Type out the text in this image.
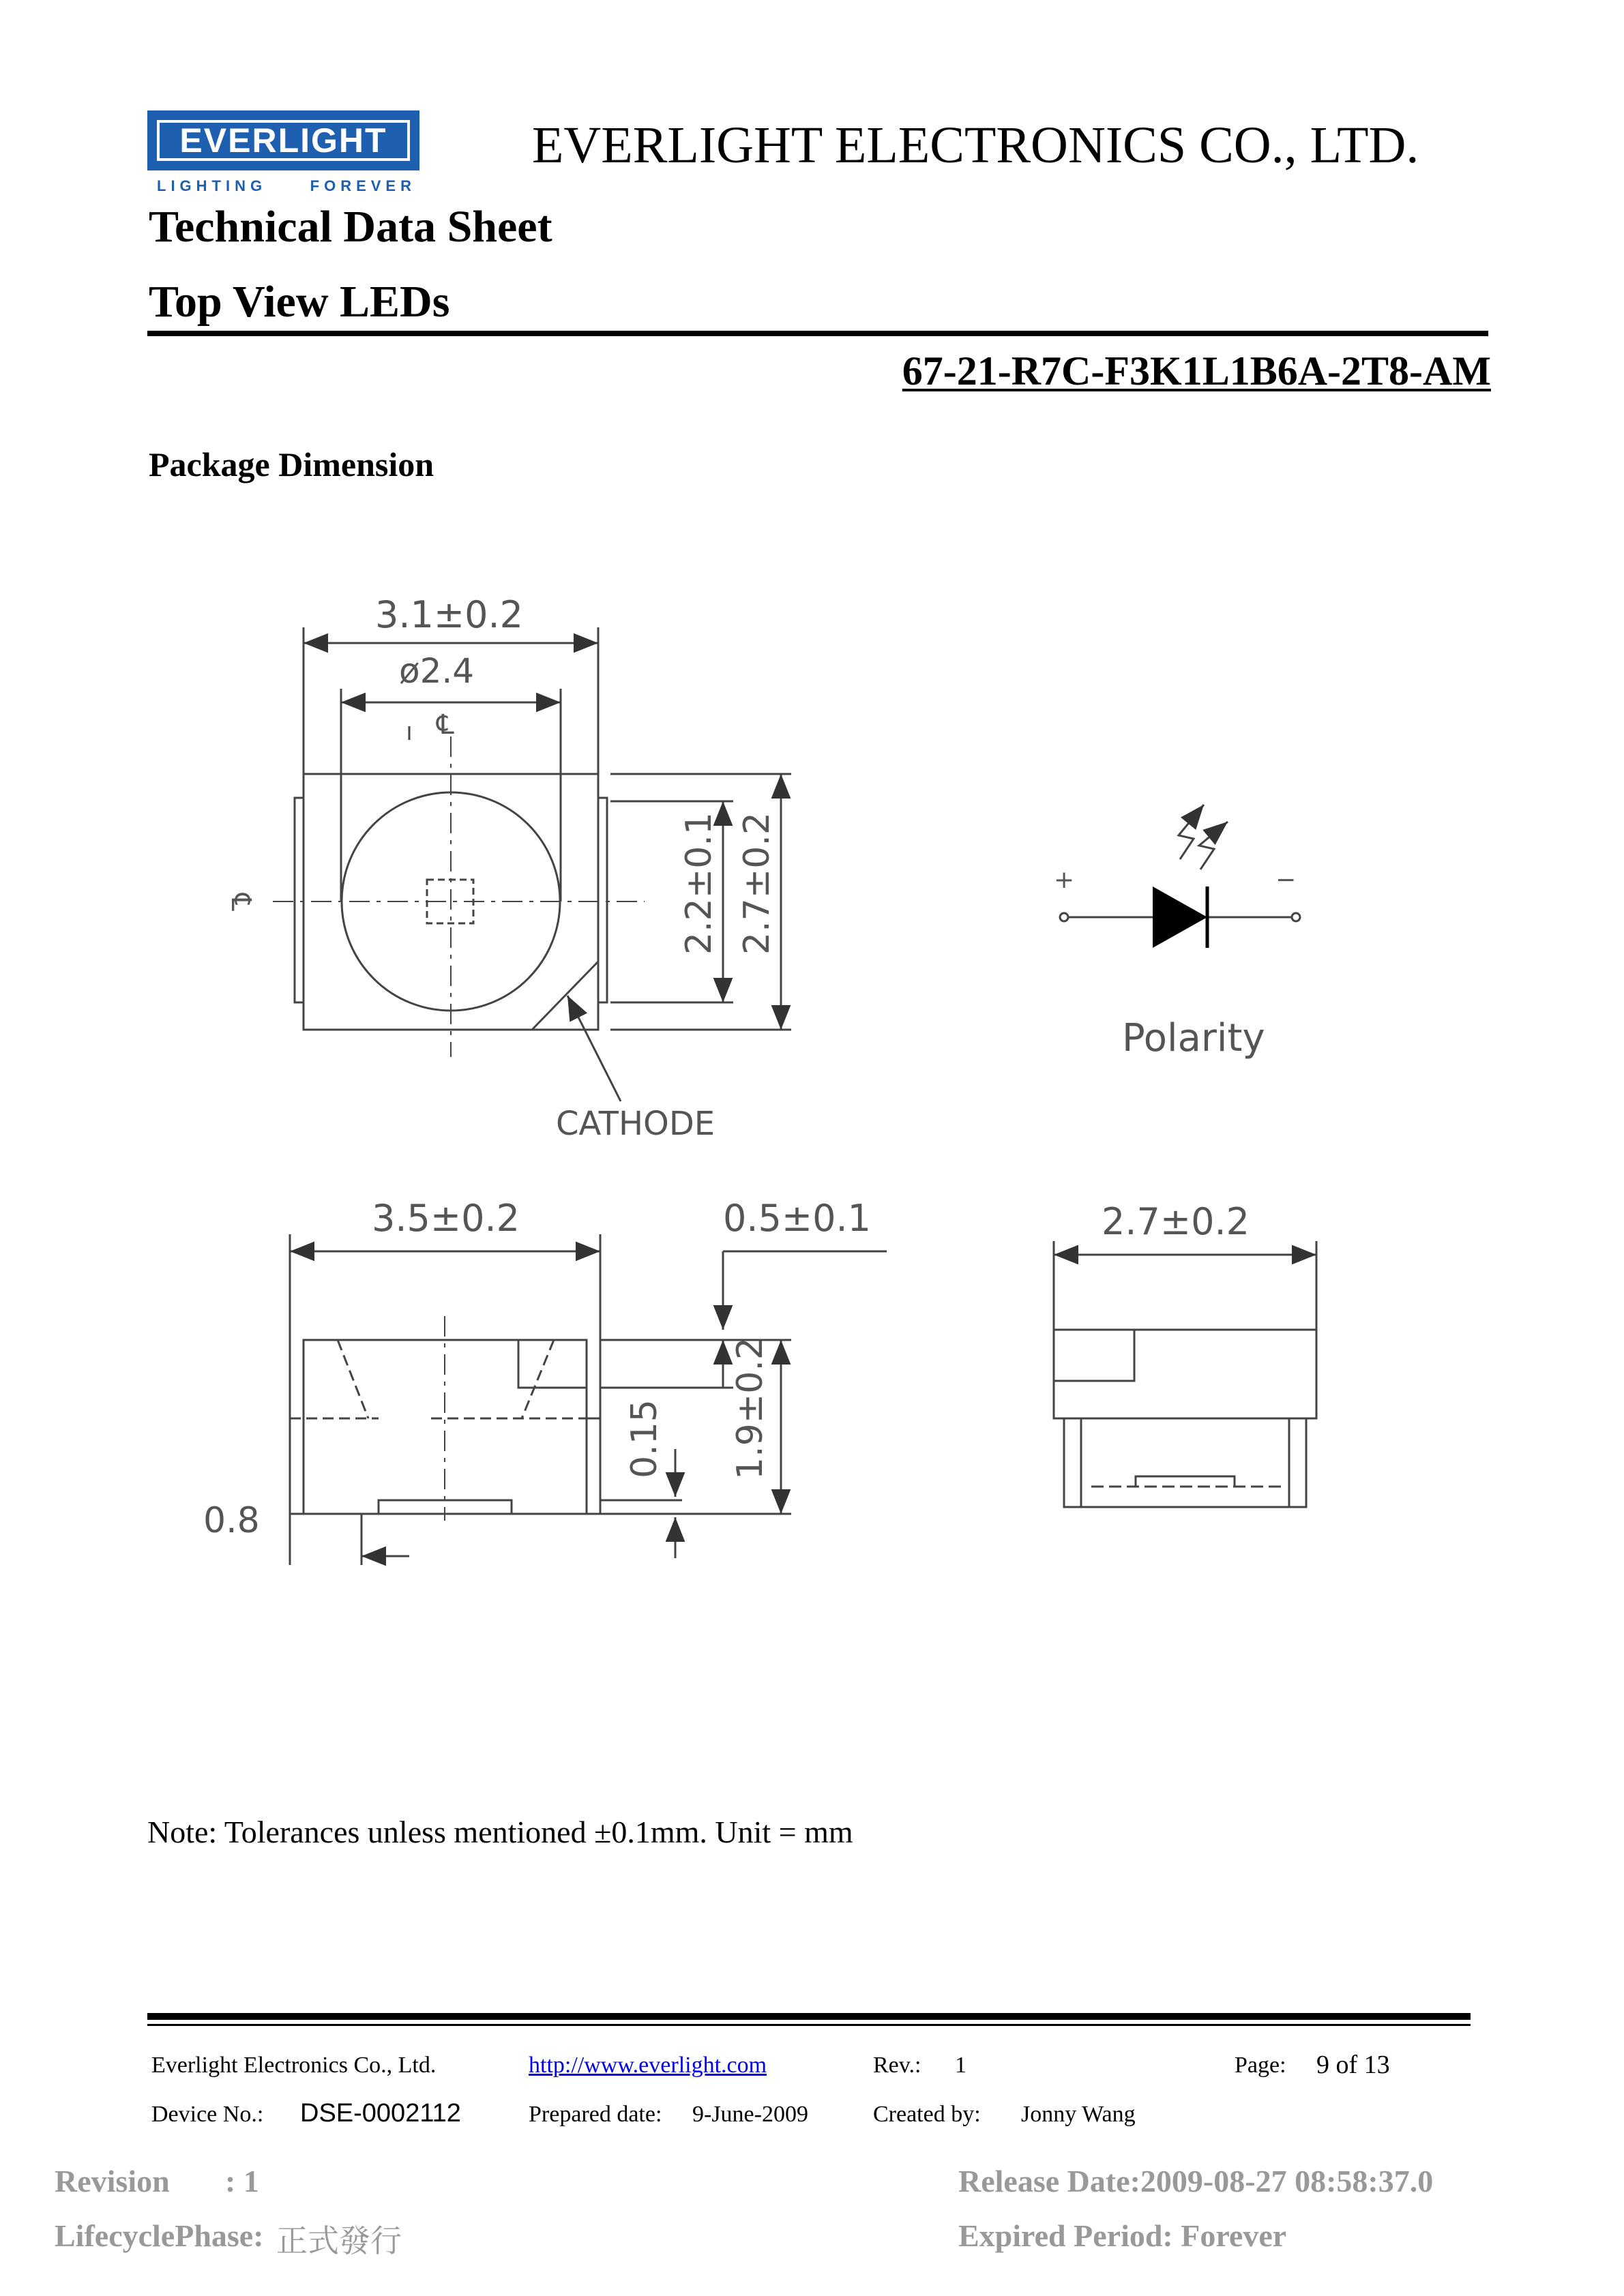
EVERLIGHT
LIGHTING	FOREVER
EVERLIGHT ELECTRONICS CO., LTD.
Technical Data Sheet
Top View LEDs
67-21-R7C-F3K1L1B6A-2T8-AM
Package Dimension
3.1±0.2
ø2.4
℄
℄	2.2±0.1 2.7±0.2
CATHODE
Polarity
+	−
3.5±0.2	0.5±0.1
0.15 1.9±0.2
0.8
2.7±0.2
Note: Tolerances unless mentioned ±0.1mm. Unit = mm
Everlight Electronics Co., Ltd.	http://www.everlight.com	Rev.: 1	Page: 9 of 13
Device No.: DSE-0002112	Prepared date: 9-June-2009	Created by: Jonny Wang
Revision : 1
LifecyclePhase: 正式發行
Release Date:2009-08-27 08:58:37.0
Expired Period: Forever
